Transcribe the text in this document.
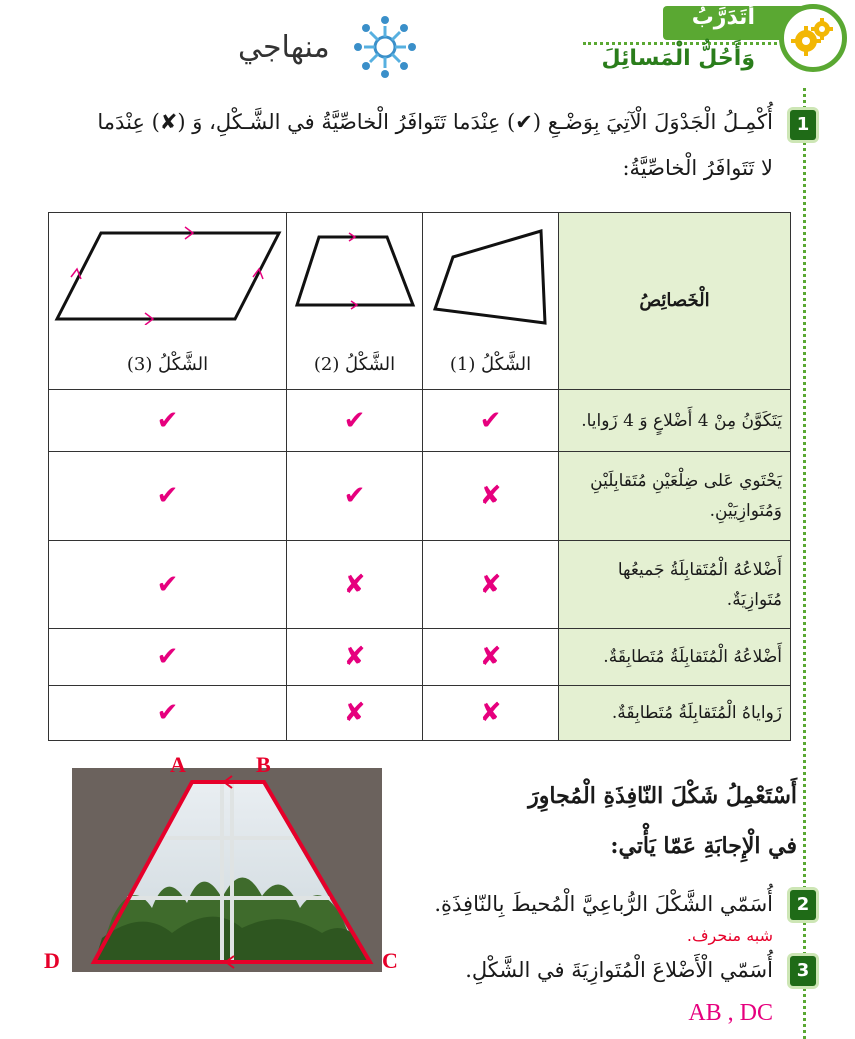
أَتَدَرَّبُ
وَأَحُلُّ الْمَسائِلَ
منهاجي
1
أُكْمِـلُ الْجَدْوَلَ الْآتِيَ بِوَضْـعِ (✔) عِنْدَما تَتَوافَرُ الْخاصِّيَّةُ في الشَّـكْلِ، وَ (✘) عِنْدَما
لا تَتَوافَرُ الْخاصِّيَّةُ:
الْخَصائِصُ	الشَّكْلُ (1)	الشَّكْلُ (2)	الشَّكْلُ (3)

يَتَكَوَّنُ مِنْ 4 أَضْلاعٍ وَ 4 زَوايا.	✔	✔	✔
يَحْتَوي عَلى ضِلْعَيْنِ مُتَقابِلَيْنِ وَمُتَوازِيَيْنِ.	✘	✔	✔
أَضْلاعُهُ الْمُتَقابِلَةُ جَميعُها مُتَوازِيَةٌ.	✘	✘	✔
أَضْلاعُهُ الْمُتَقابِلَةُ مُتَطابِقَةٌ.	✘	✘	✔
زَواياهُ الْمُتَقابِلَةُ مُتَطابِقَةٌ.	✘	✘	✔
A	B
C
D
أَسْتَعْمِلُ شَكْلَ النّافِذَةِ الْمُجاوِرَ
في الْإِجابَةِ عَمّا يَأْتي:
2
أُسَمّي الشَّكْلَ الرُّباعِيَّ الْمُحيطَ بِالنّافِذَةِ.
شبه منحرف.
3
أُسَمّي الْأَضْلاعَ الْمُتَوازِيَةَ في الشَّكْلِ.
AB , DC
